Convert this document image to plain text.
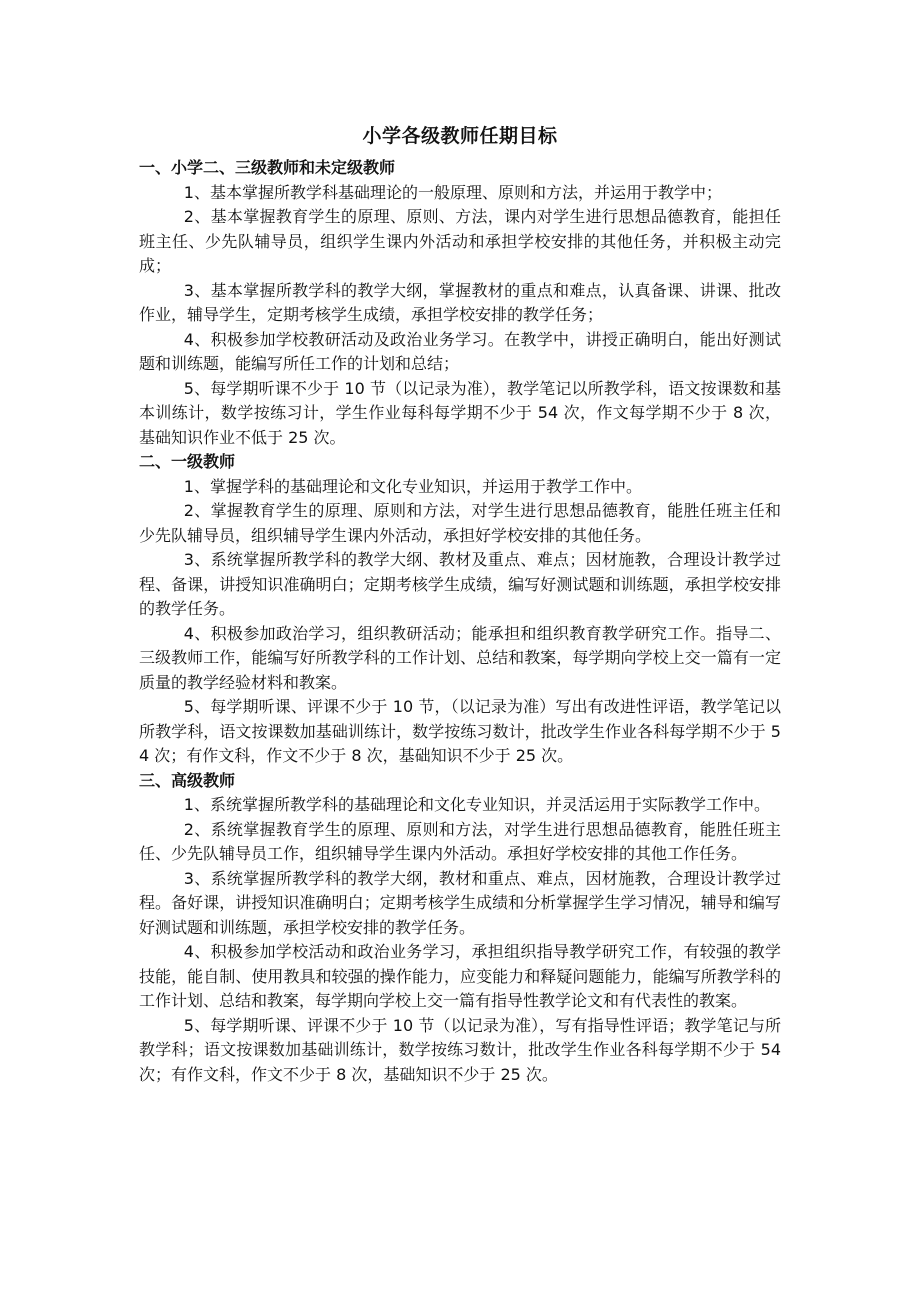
小学各级教师任期目标

一、小学二、三级教师和未定级教师

1、基本掌握所教学科基础理论的一般原理、原则和方法，并运用于教学中；

2、基本掌握教育学生的原理、原则、方法，课内对学生进行思想品德教育，能担任班主任、少先队辅导员，组织学生课内外活动和承担学校安排的其他任务，并积极主动完成；

3、基本掌握所教学科的教学大纲，掌握教材的重点和难点，认真备课、讲课、批改作业，辅导学生，定期考核学生成绩，承担学校安排的教学任务；

4、积极参加学校教研活动及政治业务学习。在教学中，讲授正确明白，能出好测试题和训练题，能编写所任工作的计划和总结；

5、每学期听课不少于 10 节（以记录为准），教学笔记以所教学科，语文按课数和基本训练计，数学按练习计，学生作业每科每学期不少于 54 次，作文每学期不少于 8 次，基础知识作业不低于 25 次。

二、一级教师

1、掌握学科的基础理论和文化专业知识，并运用于教学工作中。

2、掌握教育学生的原理、原则和方法，对学生进行思想品德教育，能胜任班主任和少先队辅导员，组织辅导学生课内外活动，承担好学校安排的其他任务。

3、系统掌握所教学科的教学大纲、教材及重点、难点；因材施教，合理设计教学过程、备课，讲授知识准确明白；定期考核学生成绩，编写好测试题和训练题，承担学校安排的教学任务。

4、积极参加政治学习，组织教研活动；能承担和组织教育教学研究工作。指导二、三级教师工作，能编写好所教学科的工作计划、总结和教案，每学期向学校上交一篇有一定质量的教学经验材料和教案。

5、每学期听课、评课不少于 10 节，（以记录为准）写出有改进性评语，教学笔记以所教学科，语文按课数加基础训练计，数学按练习数计，批改学生作业各科每学期不少于 54 次；有作文科，作文不少于 8 次，基础知识不少于 25 次。

三、高级教师

1、系统掌握所教学科的基础理论和文化专业知识，并灵活运用于实际教学工作中。

2、系统掌握教育学生的原理、原则和方法，对学生进行思想品德教育，能胜任班主任、少先队辅导员工作，组织辅导学生课内外活动。承担好学校安排的其他工作任务。

3、系统掌握所教学科的教学大纲，教材和重点、难点，因材施教，合理设计教学过程。备好课，讲授知识准确明白；定期考核学生成绩和分析掌握学生学习情况，辅导和编写好测试题和训练题，承担学校安排的教学任务。

4、积极参加学校活动和政治业务学习，承担组织指导教学研究工作，有较强的教学技能，能自制、使用教具和较强的操作能力，应变能力和释疑问题能力，能编写所教学科的工作计划、总结和教案，每学期向学校上交一篇有指导性教学论文和有代表性的教案。

5、每学期听课、评课不少于 10 节（以记录为准），写有指导性评语；教学笔记与所教学科；语文按课数加基础训练计，数学按练习数计，批改学生作业各科每学期不少于 54 次；有作文科，作文不少于 8 次，基础知识不少于 25 次。
